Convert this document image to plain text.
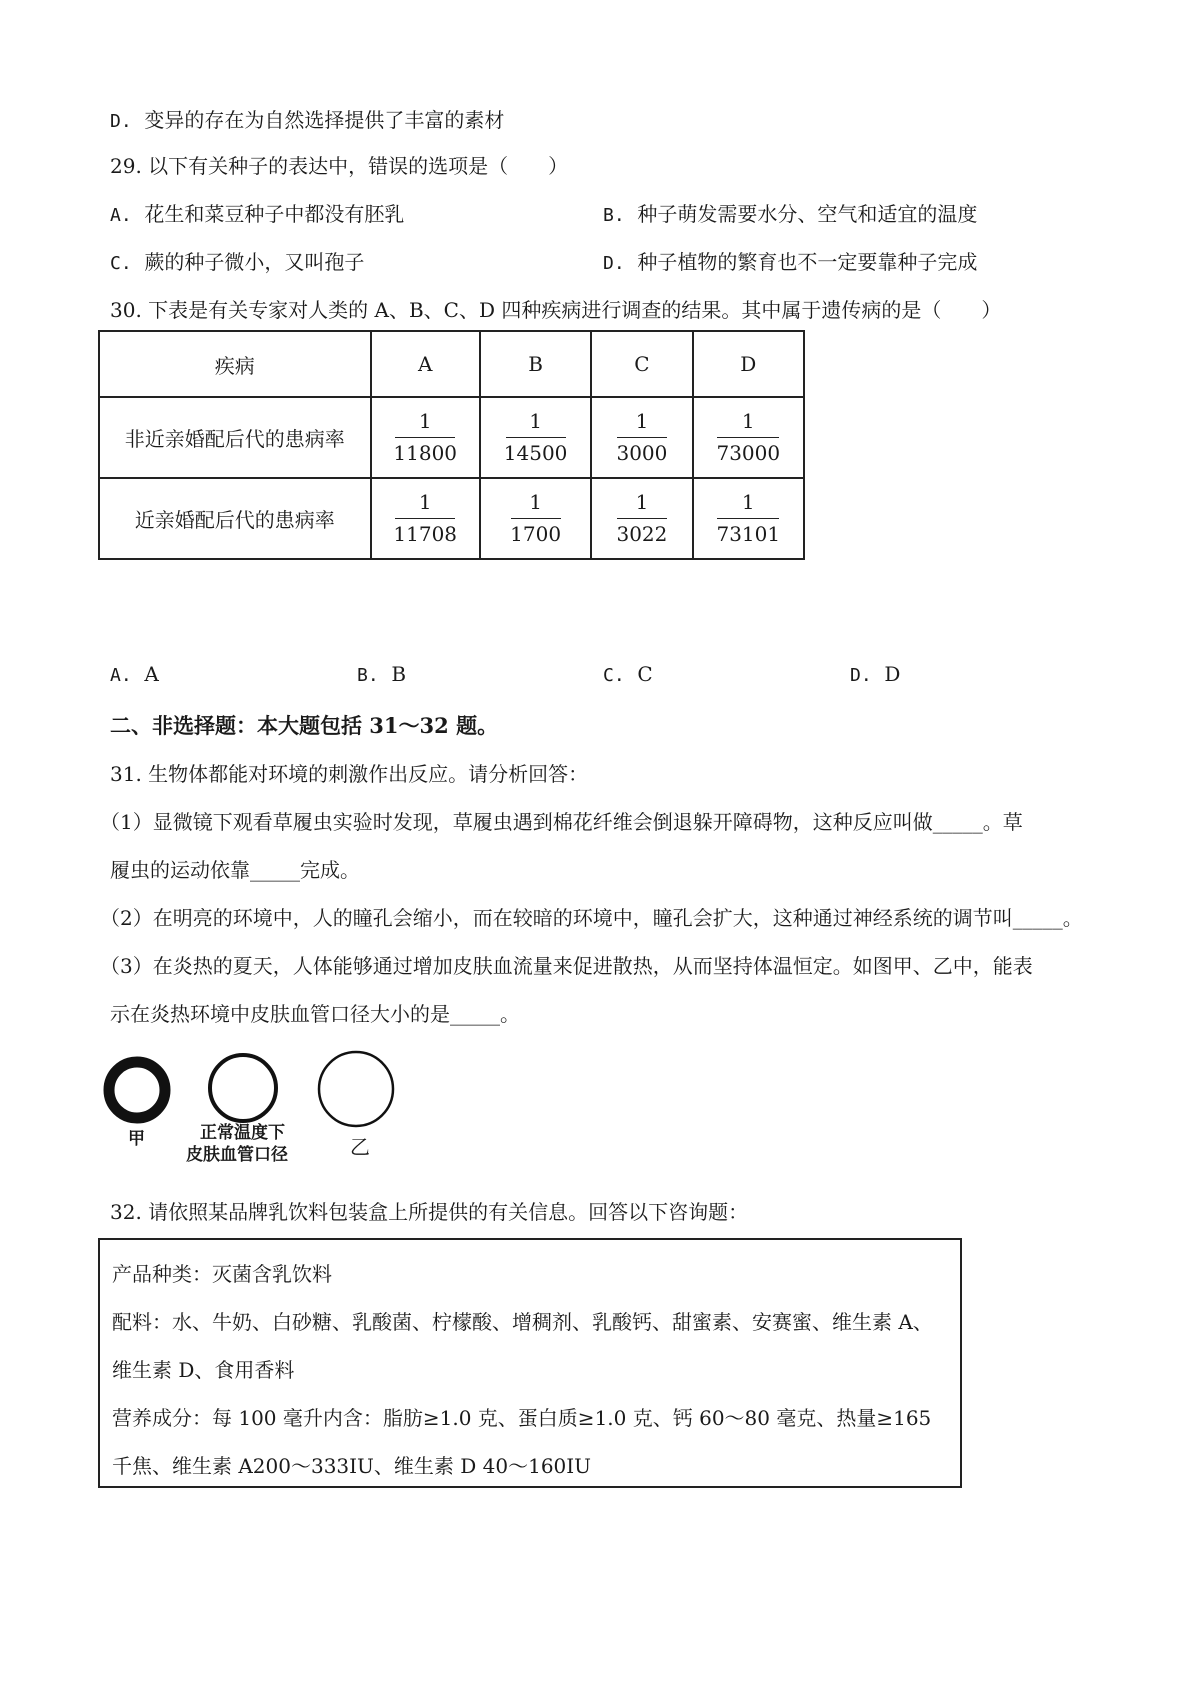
D. 变异的存在为自然选择提供了丰富的素材
29. 以下有关种子的表达中，错误的选项是（　　）
A. 花生和菜豆种子中都没有胚乳	B. 种子萌发需要水分、空气和适宜的温度
C. 蕨的种子微小，又叫孢子	D. 种子植物的繁育也不一定要靠种子完成
30. 下表是有关专家对人类的 A、B、C、D 四种疾病进行调查的结果。其中属于遗传病的是（　　）
疾病	A	B	C	D
非近亲婚配后代的患病率	$\frac{1}{11800}$	$\frac{1}{14500}$	$\frac{1}{3000}$	$\frac{1}{73000}$

近亲婚配后代的患病率	$\frac{1}{11708}$	$\frac{1}{1700}$	$\frac{1}{3022}$	$\frac{1}{73101}$
A. A	B. B	C. C	D. D
二、非选择题：本大题包括 31～32 题。
31. 生物体都能对环境的刺激作出反应。请分析回答：
（1）显微镜下观看草履虫实验时发现，草履虫遇到棉花纤维会倒退躲开障碍物，这种反应叫做_____。草
履虫的运动依靠_____完成。
（2）在明亮的环境中，人的瞳孔会缩小，而在较暗的环境中，瞳孔会扩大，这种通过神经系统的调节叫_____。
（3）在炎热的夏天，人体能够通过增加皮肤血流量来促进散热，从而坚持体温恒定。如图甲、乙中，能表
示在炎热环境中皮肤血管口径大小的是_____。
甲	正常温度下
皮肤血管口径	乙
32. 请依照某品牌乳饮料包装盒上所提供的有关信息。回答以下咨询题：
产品种类：灭菌含乳饮料
配料：水、牛奶、白砂糖、乳酸菌、柠檬酸、增稠剂、乳酸钙、甜蜜素、安赛蜜、维生素 A、
维生素 D、食用香料
营养成分：每 100 毫升内含：脂肪≥1.0 克、蛋白质≥1.0 克、钙 60～80 毫克、热量≥165
千焦、维生素 A200～333IU、维生素 D 40～160IU
